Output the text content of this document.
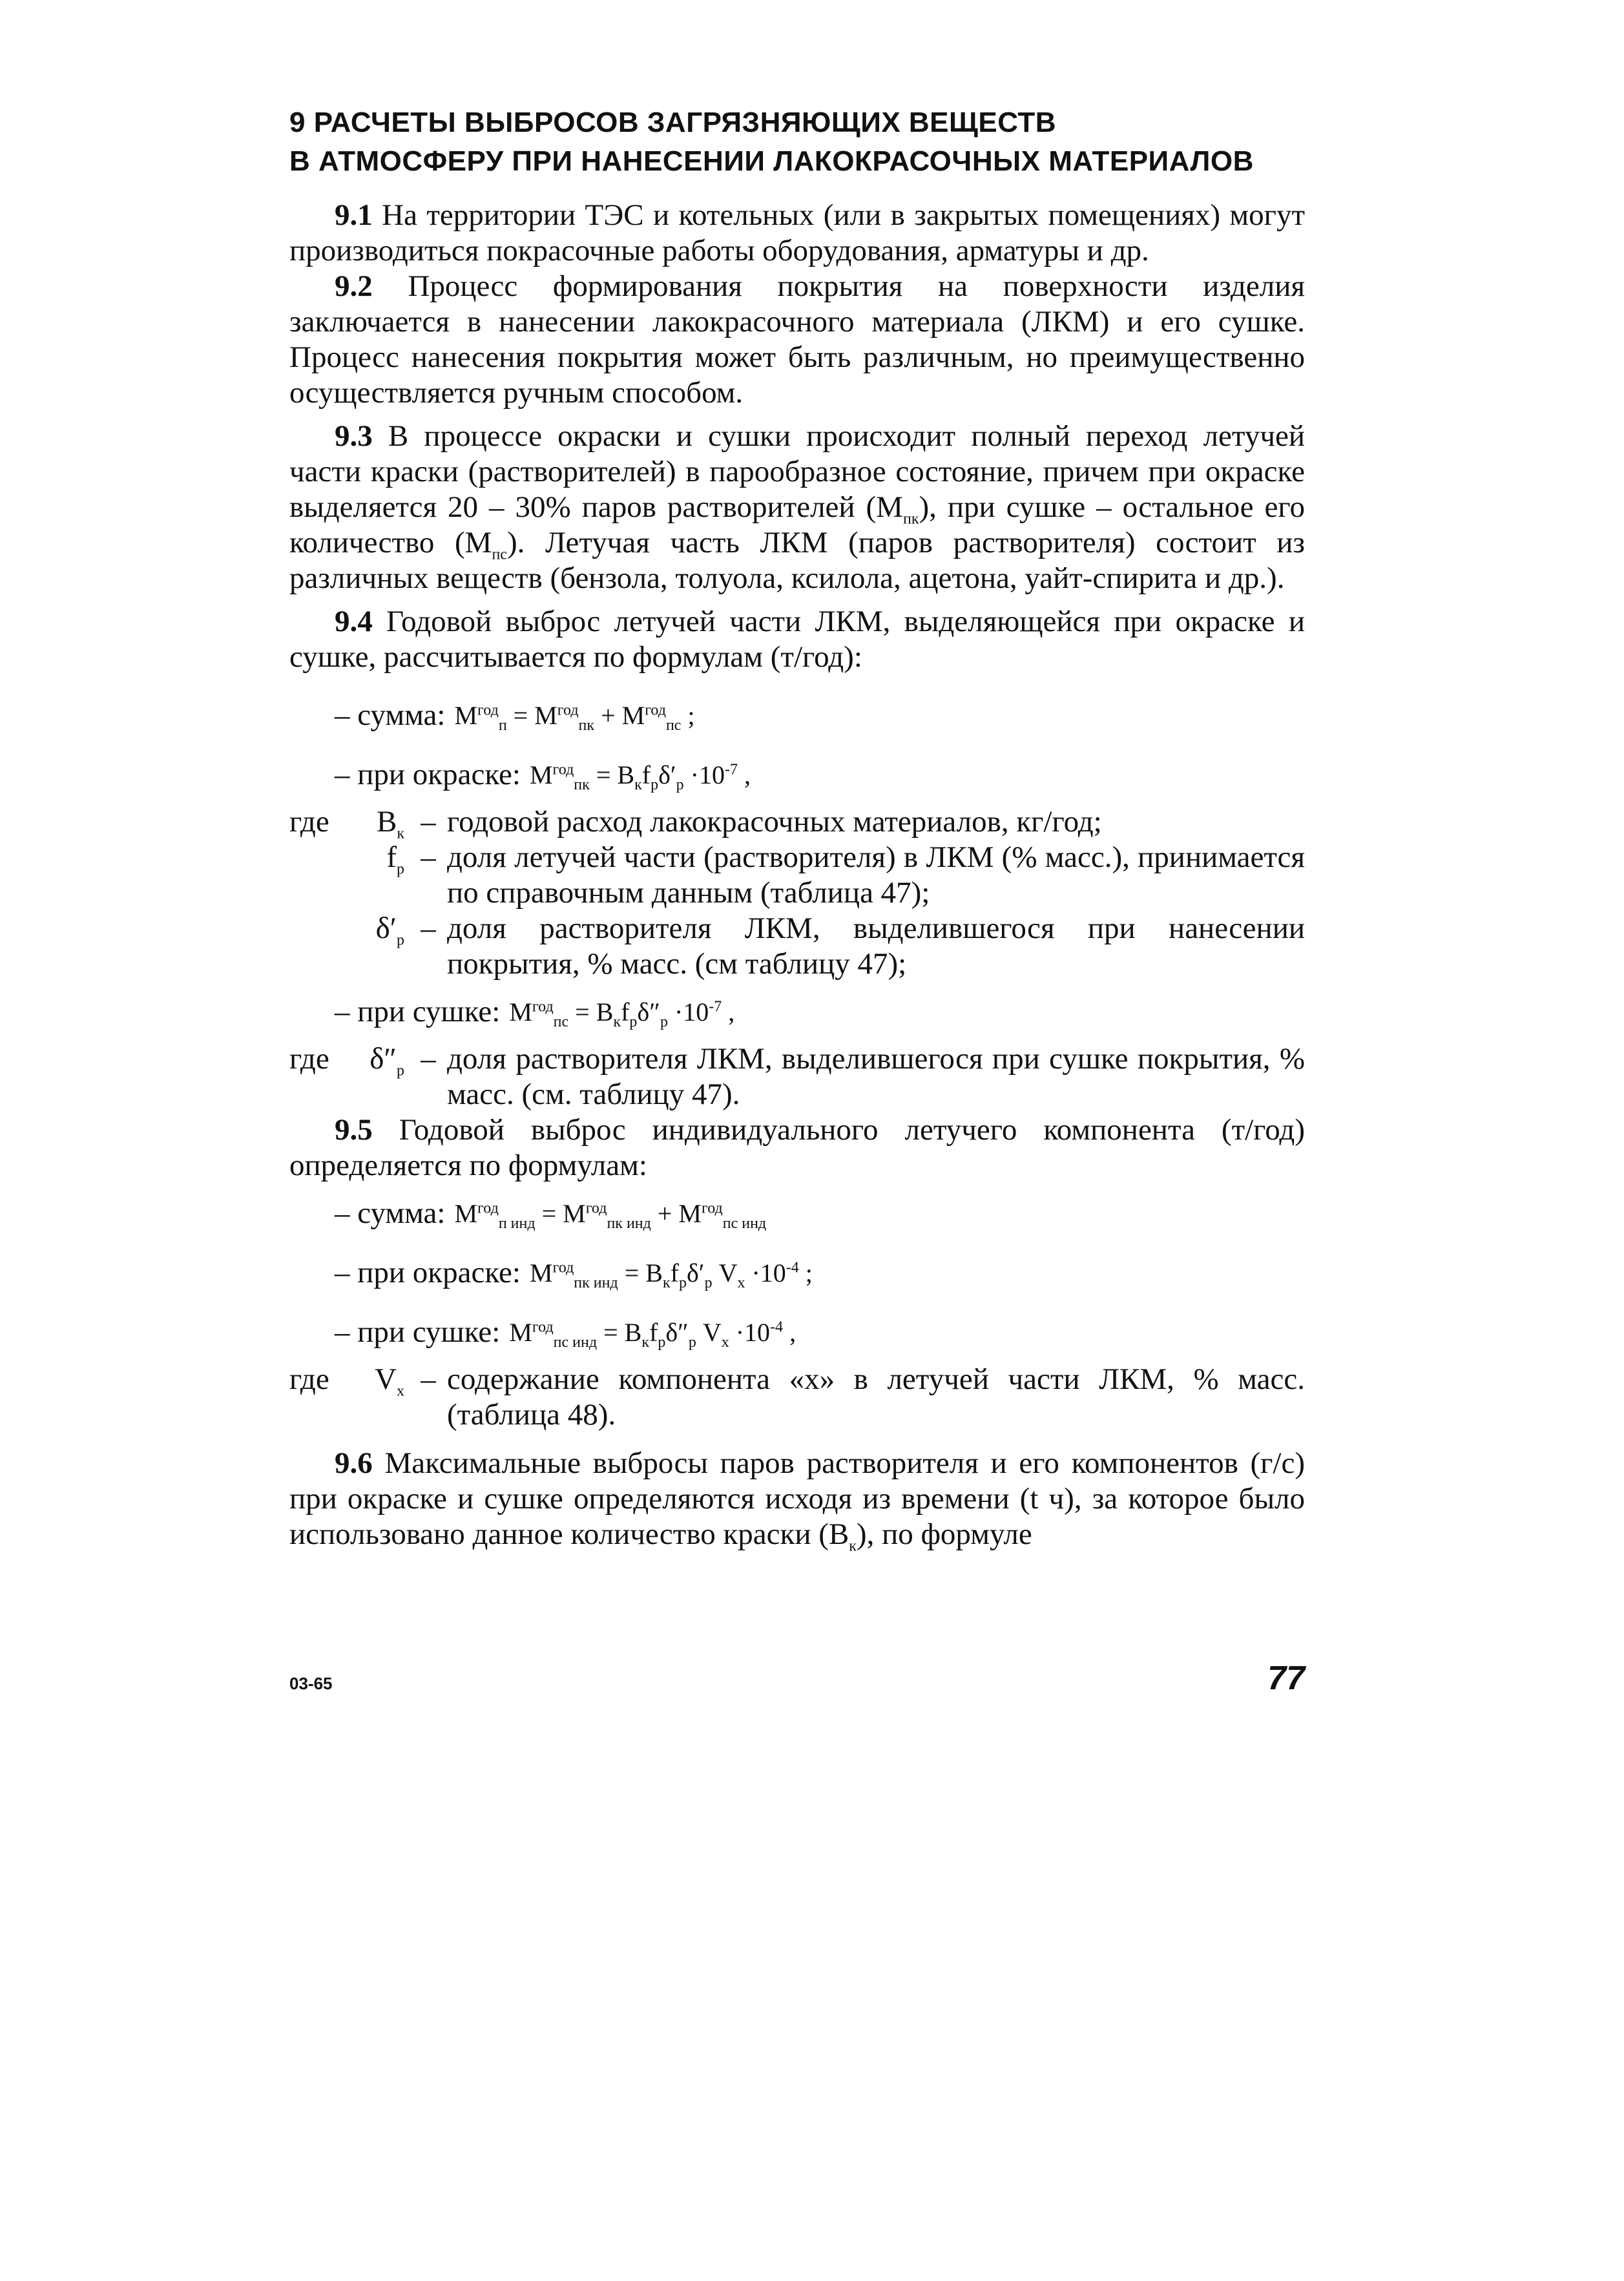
9 РАСЧЕТЫ ВЫБРОСОВ ЗАГРЯЗНЯЮЩИХ ВЕЩЕСТВ
В АТМОСФЕРУ ПРИ НАНЕСЕНИИ ЛАКОКРАСОЧНЫХ МАТЕРИАЛОВ

9.1 На территории ТЭС и котельных (или в закрытых помещениях) могут производиться покрасочные работы оборудования, арматуры и др.

9.2 Процесс формирования покрытия на поверхности изделия заключается в нанесении лакокрасочного материала (ЛКМ) и его сушке. Процесс нанесения покрытия может быть различным, но преимущественно осуществляется ручным способом.

9.3 В процессе окраски и сушки происходит полный переход летучей части краски (растворителей) в парообразное состояние, причем при окраске выделяется 20 – 30% паров растворителей $(М_{пк})$, при сушке – остальное его количество $(М_{пс})$. Летучая часть ЛКМ (паров растворителя) состоит из различных веществ (бензола, толуола, ксилола, ацетона, уайт-спирита и др.).

9.4 Годовой выброс летучей части ЛКМ, выделяющейся при окраске и сушке, рассчитывается по формулам (т/год):

– сумма: $М^{год}_п = М^{год}_{пк} + М^{год}_{пс}$ ;
– при окраске: $М^{год}_{пк} = В_кf_р\delta'_р \cdot 10^{-7}$ ,
где	$В_к$ – годовой расход лакокрасочных материалов, кг/год;
$f_р$ – доля летучей части (растворителя) в ЛКМ (% масс.), принимается по справочным данным (таблица 47);
$\delta'_р$ – доля растворителя ЛКМ, выделившегося при нанесении покрытия, % масс. (см таблицу 47);
– при сушке: $М^{год}_{пс} = В_кf_р\delta''_р \cdot 10^{-7}$ ,
где	$\delta''_р$ – доля растворителя ЛКМ, выделившегося при сушке покрытия, % масс. (см. таблицу 47).

9.5 Годовой выброс индивидуального летучего компонента (т/год) определяется по формулам:

– сумма: $М^{год}_{п инд} = М^{год}_{пк инд} + М^{год}_{пс инд}$
– при окраске: $М^{год}_{пк инд} = В_кf_р\delta'_р$ $V_х \cdot 10^{-4}$ ;
– при сушке: $М^{год}_{пс инд} = В_кf_р\delta''_р$ $V_х \cdot 10^{-4}$ ,
где	$V_х$ – содержание компонента «х» в летучей части ЛКМ, % масс. (таблица 48).

9.6 Максимальные выбросы паров растворителя и его компонентов (г/с) при окраске и сушке определяются исходя из времени (t ч), за которое было использовано данное количество краски $(В_к)$, по формуле

03-65	77
